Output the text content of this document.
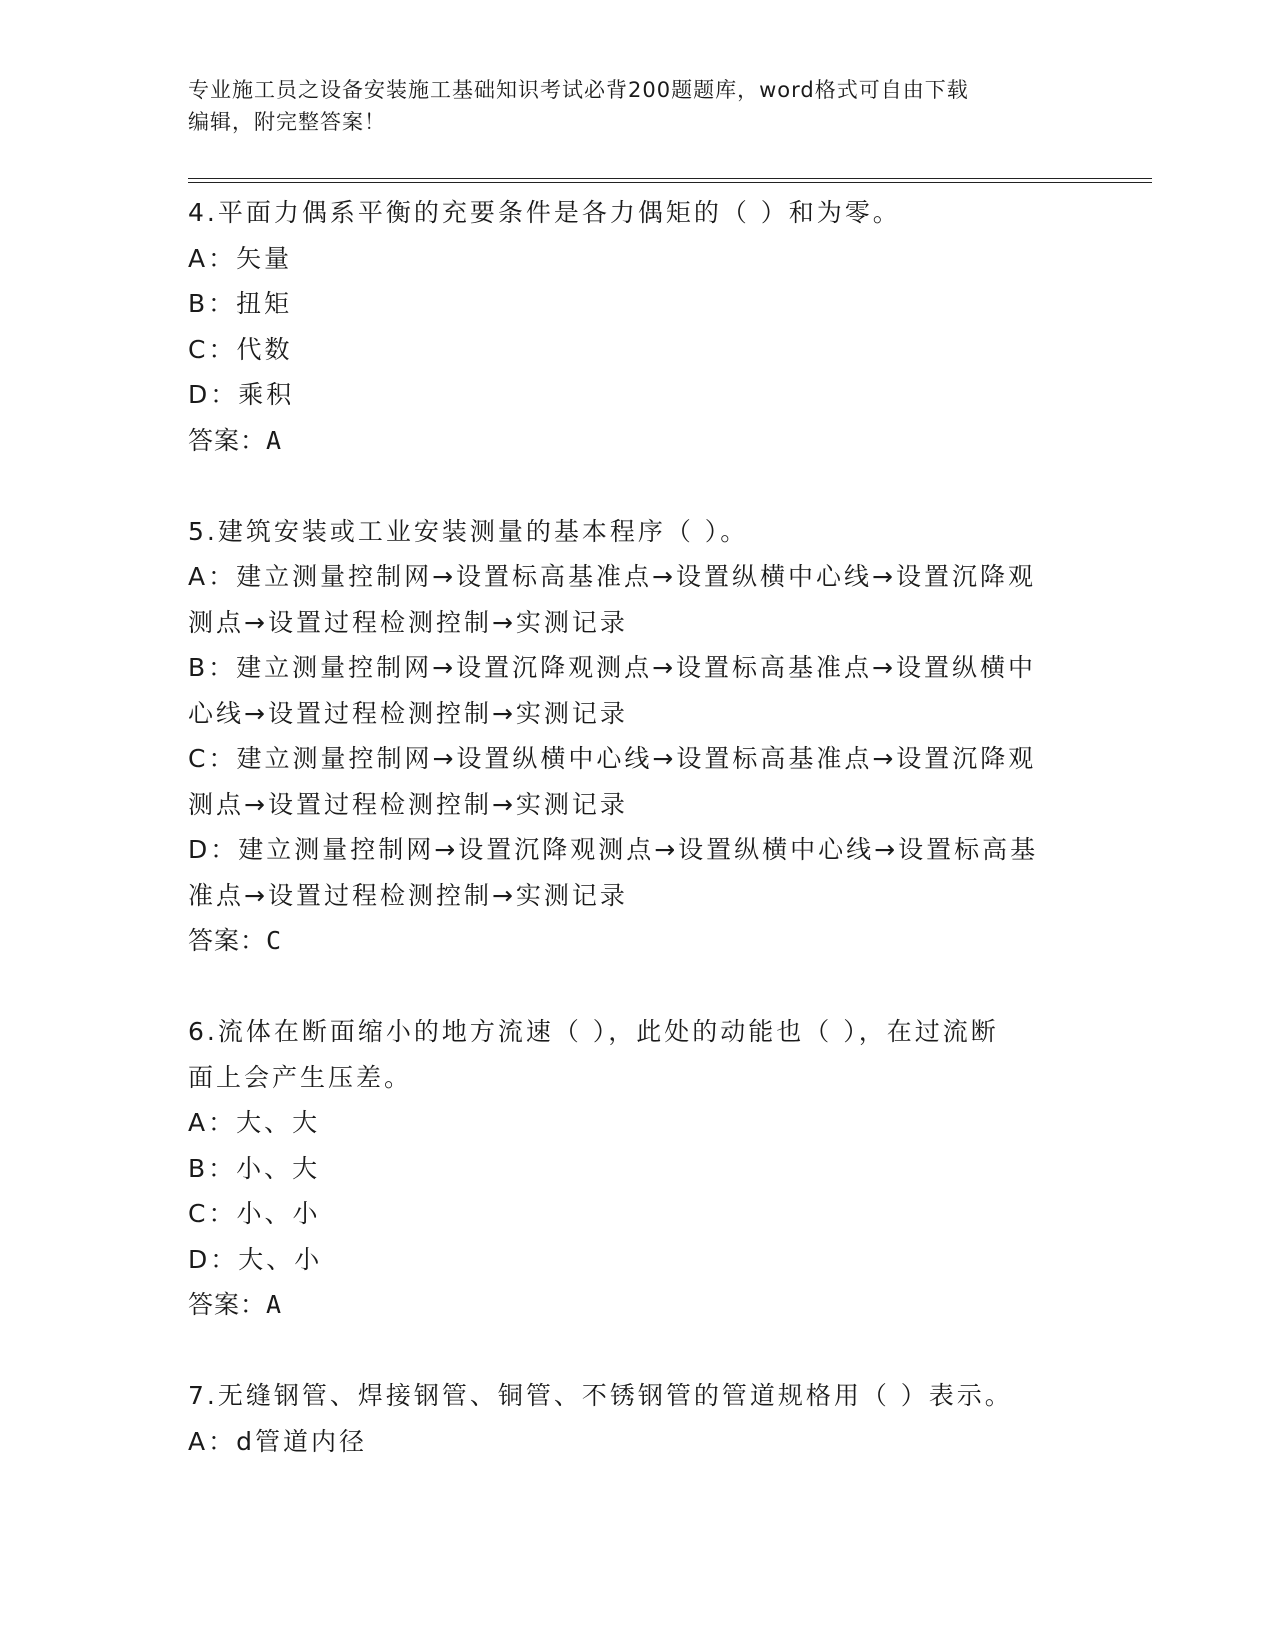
专业施工员之设备安装施工基础知识考试必背200题题库，word格式可自由下载
编辑，附完整答案！
4.平面力偶系平衡的充要条件是各力偶矩的（ ）和为零。
A：矢量
B：扭矩
C：代数
D：乘积
答案：A
5.建筑安装或工业安装测量的基本程序（ ）。
A：建立测量控制网→设置标高基准点→设置纵横中心线→设置沉降观
测点→设置过程检测控制→实测记录
B：建立测量控制网→设置沉降观测点→设置标高基准点→设置纵横中
心线→设置过程检测控制→实测记录
C：建立测量控制网→设置纵横中心线→设置标高基准点→设置沉降观
测点→设置过程检测控制→实测记录
D：建立测量控制网→设置沉降观测点→设置纵横中心线→设置标高基
准点→设置过程检测控制→实测记录
答案：C
6.流体在断面缩小的地方流速（ ），此处的动能也（ ），在过流断
面上会产生压差。
A：大、大
B：小、大
C：小、小
D：大、小
答案：A
7.无缝钢管、焊接钢管、铜管、不锈钢管的管道规格用（ ）表示。
A：d管道内径
